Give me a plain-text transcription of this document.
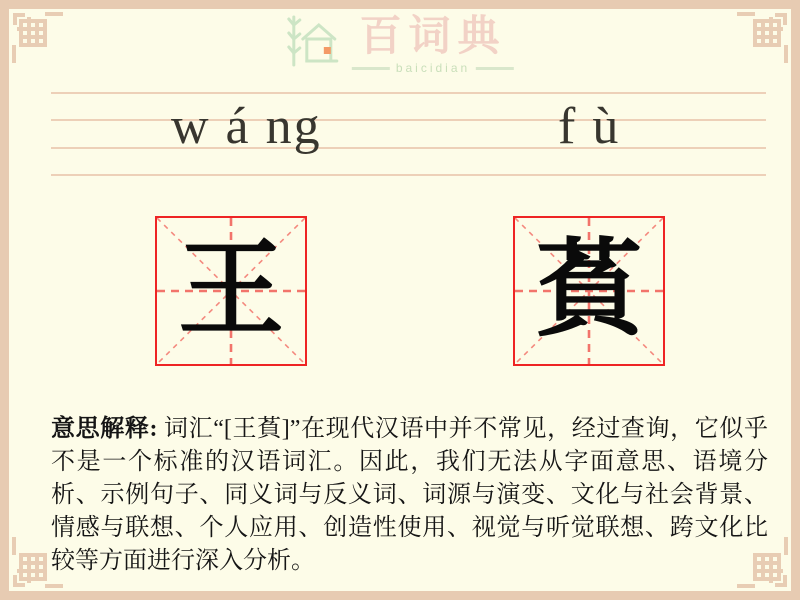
百词典
baicidian
w á ng	f ù
王 萯
意思解释: 词汇“[王萯]”在现代汉语中并不常见，经过查询，它似乎不是一个标准的汉语词汇。因此，我们无法从字面意思、语境分析、示例句子、同义词与反义词、词源与演变、文化与社会背景、情感与联想、个人应用、创造性使用、视觉与听觉联想、跨文化比较等方面进行深入分析。
